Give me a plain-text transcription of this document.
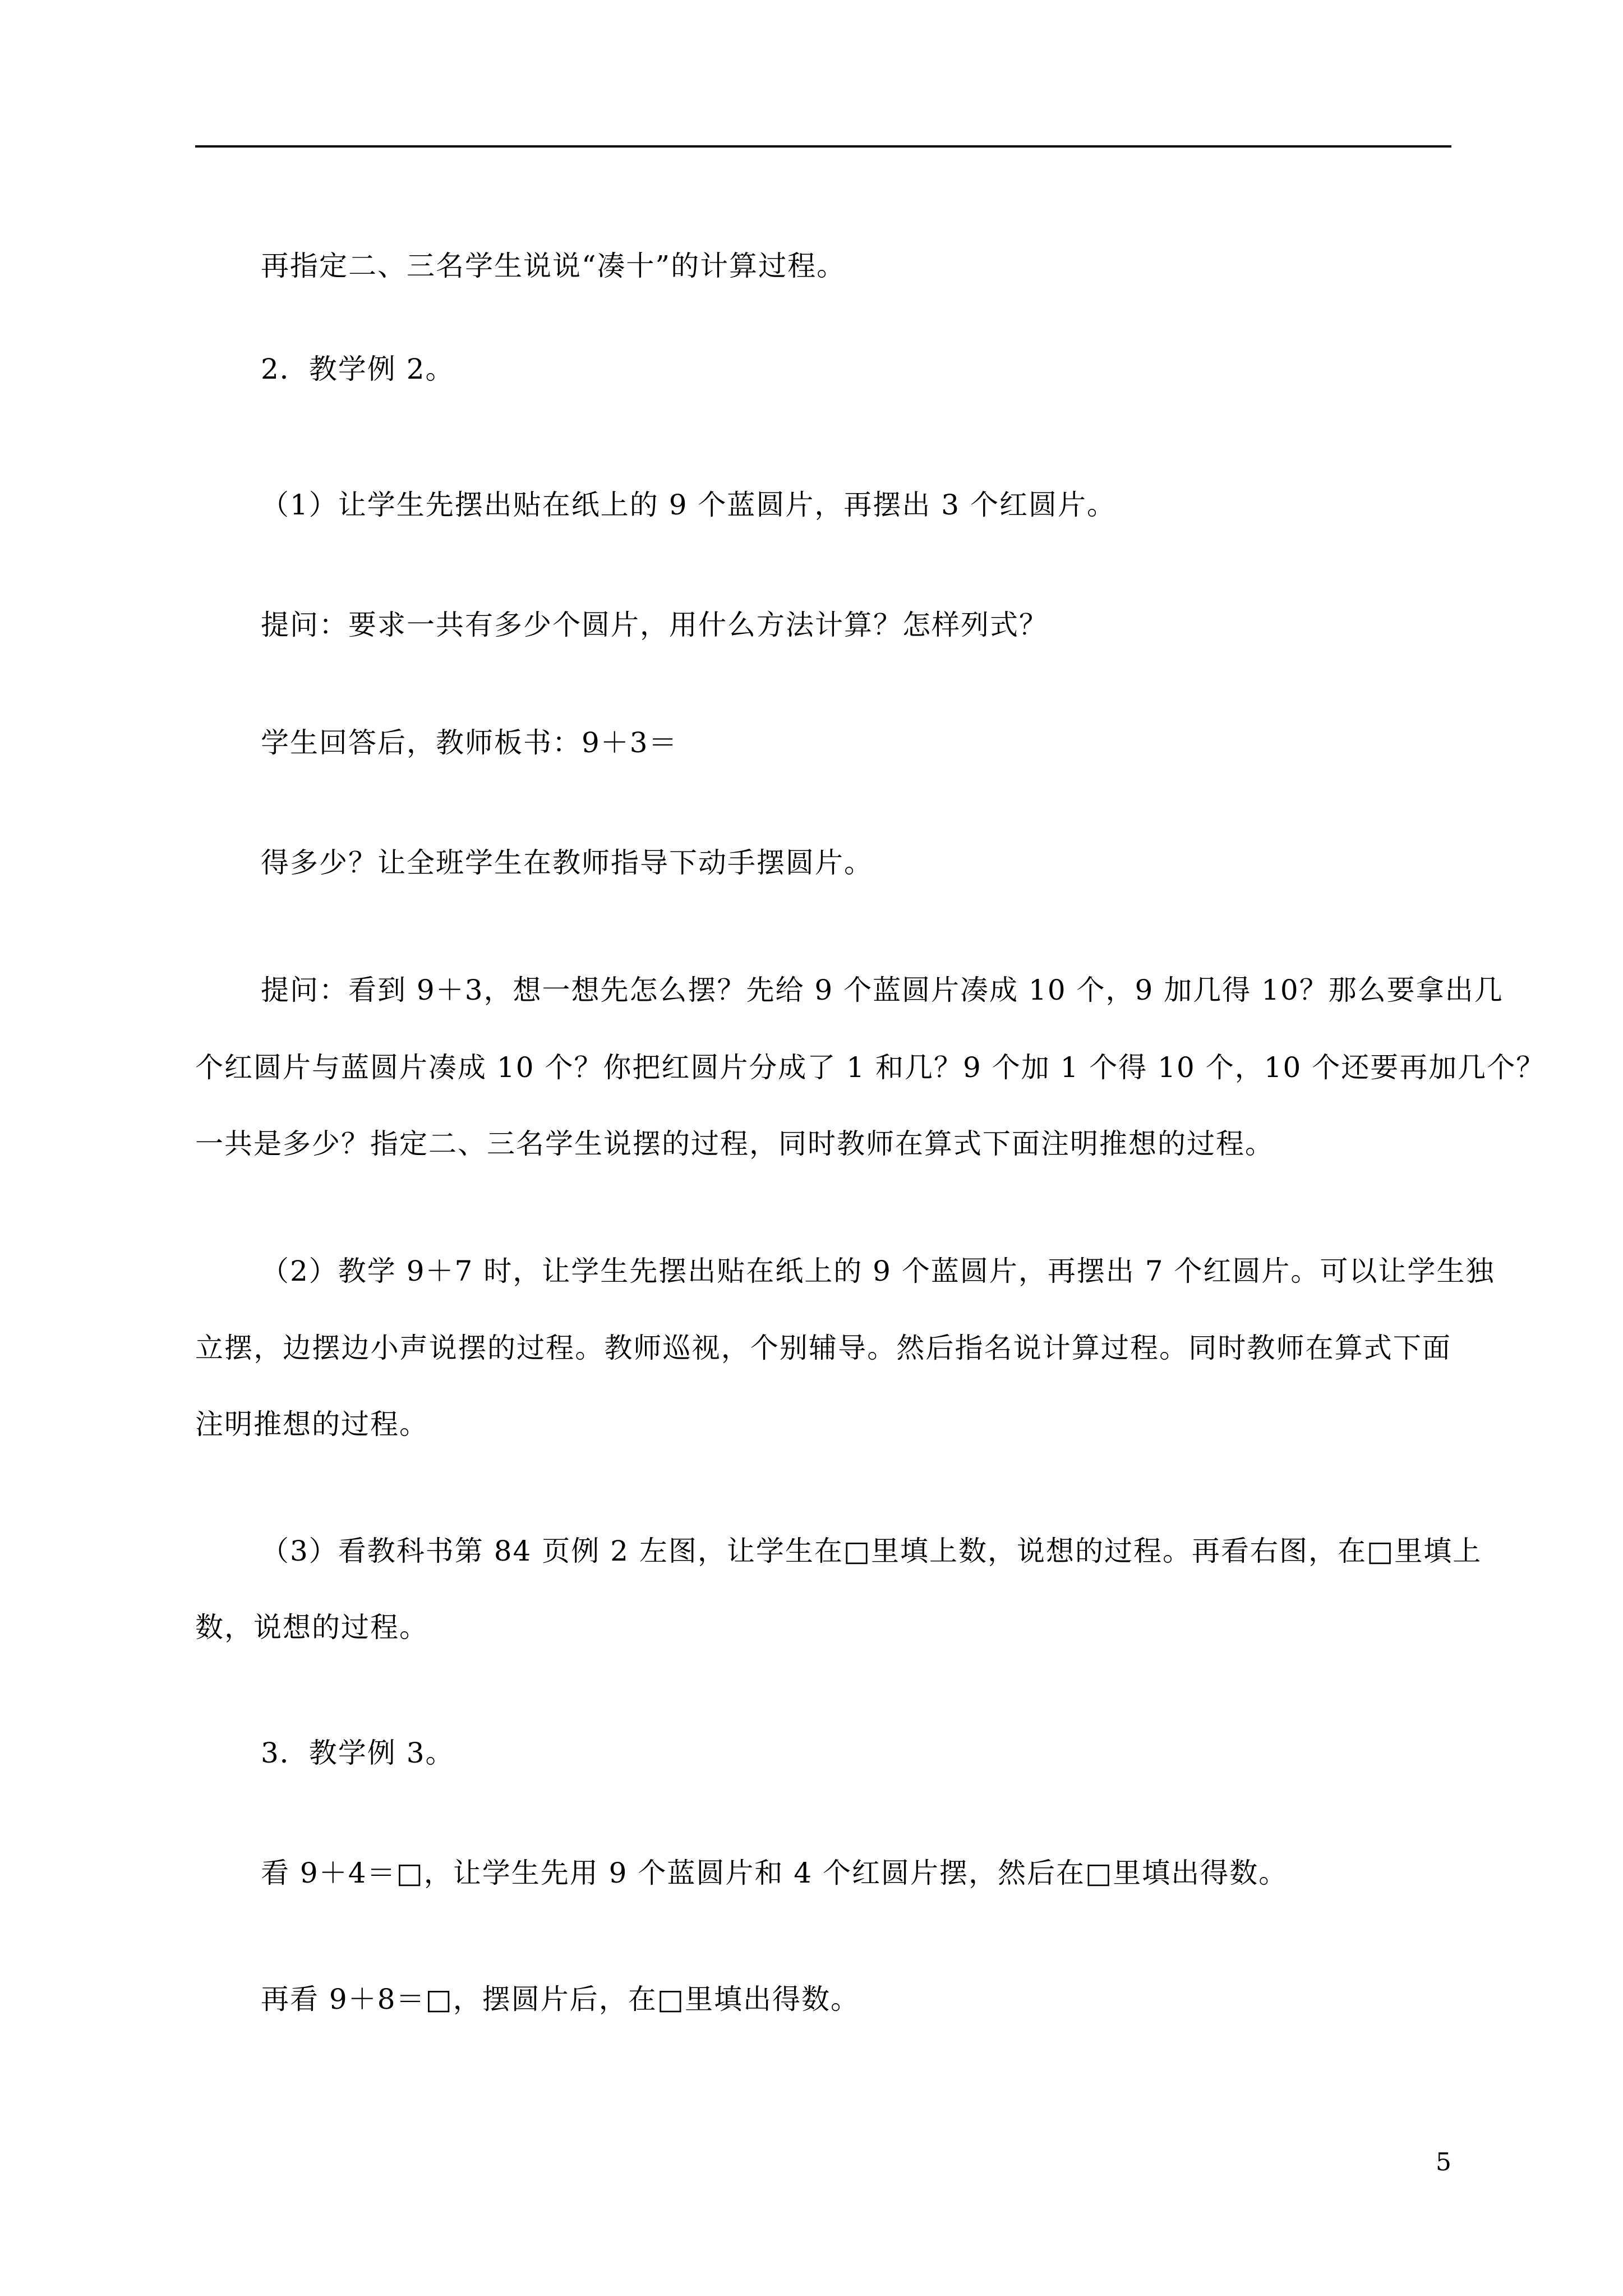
再指定二、三名学生说说“凑十”的计算过程。
2．教学例 2。
（1）让学生先摆出贴在纸上的 9 个蓝圆片，再摆出 3 个红圆片。
提问：要求一共有多少个圆片，用什么方法计算？怎样列式？
学生回答后，教师板书：9＋3＝
得多少？让全班学生在教师指导下动手摆圆片。
提问：看到 9＋3，想一想先怎么摆？先给 9 个蓝圆片凑成 10 个，9 加几得 10？那么要拿出几
个红圆片与蓝圆片凑成 10 个？你把红圆片分成了 1 和几？9 个加 1 个得 10 个，10 个还要再加几个？
一共是多少？指定二、三名学生说摆的过程，同时教师在算式下面注明推想的过程。
（2）教学 9＋7 时，让学生先摆出贴在纸上的 9 个蓝圆片，再摆出 7 个红圆片。可以让学生独
立摆，边摆边小声说摆的过程。教师巡视，个别辅导。然后指名说计算过程。同时教师在算式下面
注明推想的过程。
（3）看教科书第 84 页例 2 左图，让学生在□里填上数，说想的过程。再看右图，在□里填上
数，说想的过程。
3．教学例 3。
看 9＋4＝□，让学生先用 9 个蓝圆片和 4 个红圆片摆，然后在□里填出得数。
再看 9＋8＝□，摆圆片后，在□里填出得数。
5
